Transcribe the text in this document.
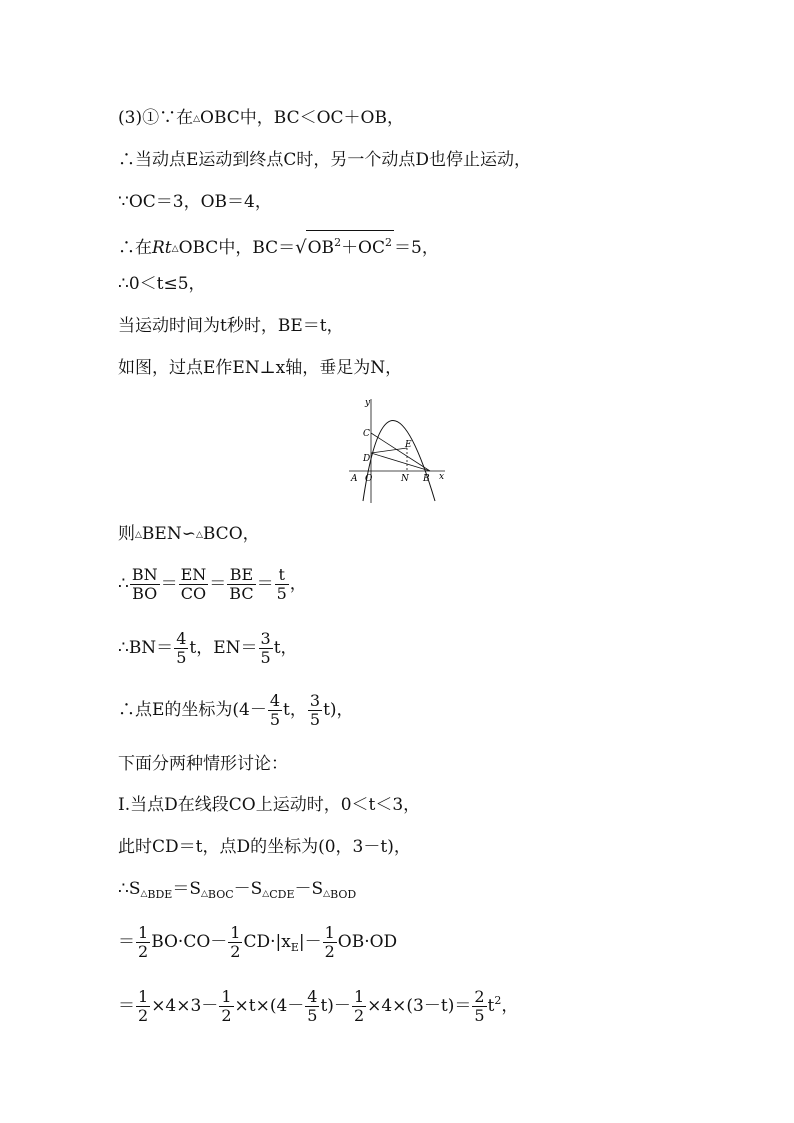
(3)①∵在△OBC中，BC＜OC＋OB，
∴当动点E运动到终点C时，另一个动点D也停止运动，
∵OC＝3，OB＝4，
∴在Rt△OBC中，$BC=√OB^2+OC^2 =5$，
∴0＜t≤5，
当运动时间为t秒时，BE＝t，
如图，过点E作EN⊥x轴，垂足为N，
y
x
A O
C
D
E
N B
则△BEN∽△BCO，
∴ $\frac{BN}{BO} = \frac{EN}{CO} = \frac{BE}{BC} = \frac{t}{5}$ ，
∴BN＝ $\frac{4}{5}$ t，$EN= \frac{3}{5}$ t，
∴点E的坐标为($4- \frac{4}{5}$ t， $\frac{3}{5} t$)，
下面分两种情形讨论：
Ⅰ.当点D在线段CO上运动时，0＜t＜3，
此时CD＝t，点D的坐标为(0，3－t)，
$\therefore S_{\triangle BDE}=S_{\triangle BOC}-S_{\triangle CDE}-S_{\triangle BOD}$
＝ $\frac{1}{2} BO\cdot CO- \frac{1}{2} CD\cdot|x_E|- \frac{1}{2} OB\cdot OD$
＝ $\frac{1}{2} \times 4\times 3- \frac{1}{2} \times t\times(4- \frac{4}{5} t)- \frac{1}{2} \times 4\times(3-t)= \frac{2}{5} t^2$，
